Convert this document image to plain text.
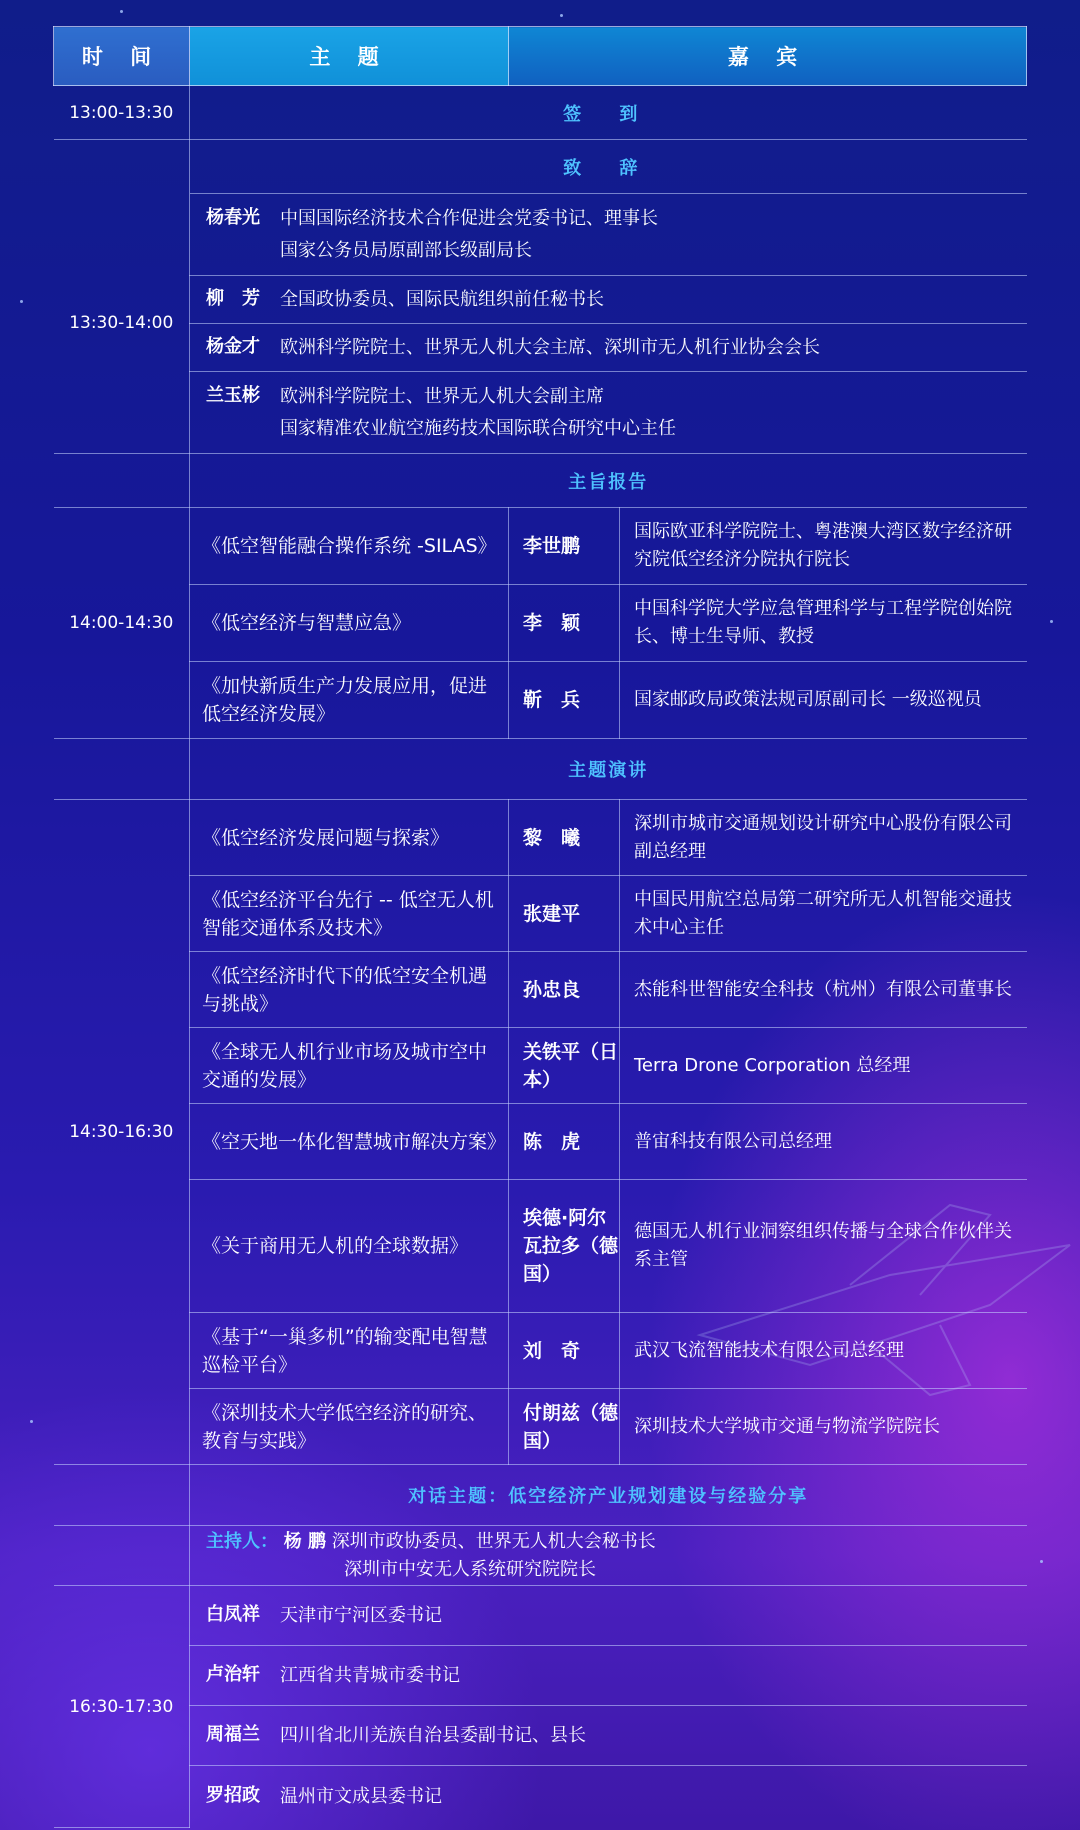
时 间	主 题	嘉 宾	
13:00-13:30	签 到		
	致 辞		
13:30-14:00	杨春光 中国国际经济技术合作促进会党委书记、理事长
国家公务员局原副部长级副局长		
	柳　芳 全国政协委员、国际民航组织前任秘书长		
	杨金才 欧洲科学院院士、世界无人机大会主席、深圳市无人机行业协会会长		
	兰玉彬 欧洲科学院院士、世界无人机大会副主席
国家精准农业航空施药技术国际联合研究中心主任		
	主旨报告		
14:00-14:30	《低空智能融合操作系统 -SILAS》	李世鹏	国际欧亚科学院院士、粤港澳大湾区数字经济研究院低空经济分院执行院长
	《低空经济与智慧应急》	李　颖	中国科学院大学应急管理科学与工程学院创始院长、博士生导师、教授
	《加快新质生产力发展应用，促进低空经济发展》	靳　兵	国家邮政局政策法规司原副司长 一级巡视员
	主题演讲		
14:30-16:30	《低空经济发展问题与探索》	黎　曦	深圳市城市交通规划设计研究中心股份有限公司副总经理
	《低空经济平台先行 -- 低空无人机智能交通体系及技术》	张建平	中国民用航空总局第二研究所无人机智能交通技术中心主任
	《低空经济时代下的低空安全机遇与挑战》	孙忠良	杰能科世智能安全科技（杭州）有限公司董事长
	《全球无人机行业市场及城市空中交通的发展》	关铁平（日本）	Terra Drone Corporation 总经理
	《空天地一体化智慧城市解决方案》	陈　虎	普宙科技有限公司总经理
	《关于商用无人机的全球数据》	埃德·阿尔瓦拉多（德国）	德国无人机行业洞察组织传播与全球合作伙伴关系主管
	《基于“一巢多机”的输变配电智慧巡检平台》	刘　奇	武汉飞流智能技术有限公司总经理
	《深圳技术大学低空经济的研究、教育与实践》	付朗兹（德国）	深圳技术大学城市交通与物流学院院长
	对话主题：低空经济产业规划建设与经验分享		
	主持人： 杨 鹏 深圳市政协委员、世界无人机大会秘书长
深圳市中安无人系统研究院院长		
16:30-17:30	白凤祥 天津市宁河区委书记		
	卢治轩 江西省共青城市委书记		
	周福兰 四川省北川羌族自治县委副书记、县长		
	罗招政 温州市文成县委书记		
